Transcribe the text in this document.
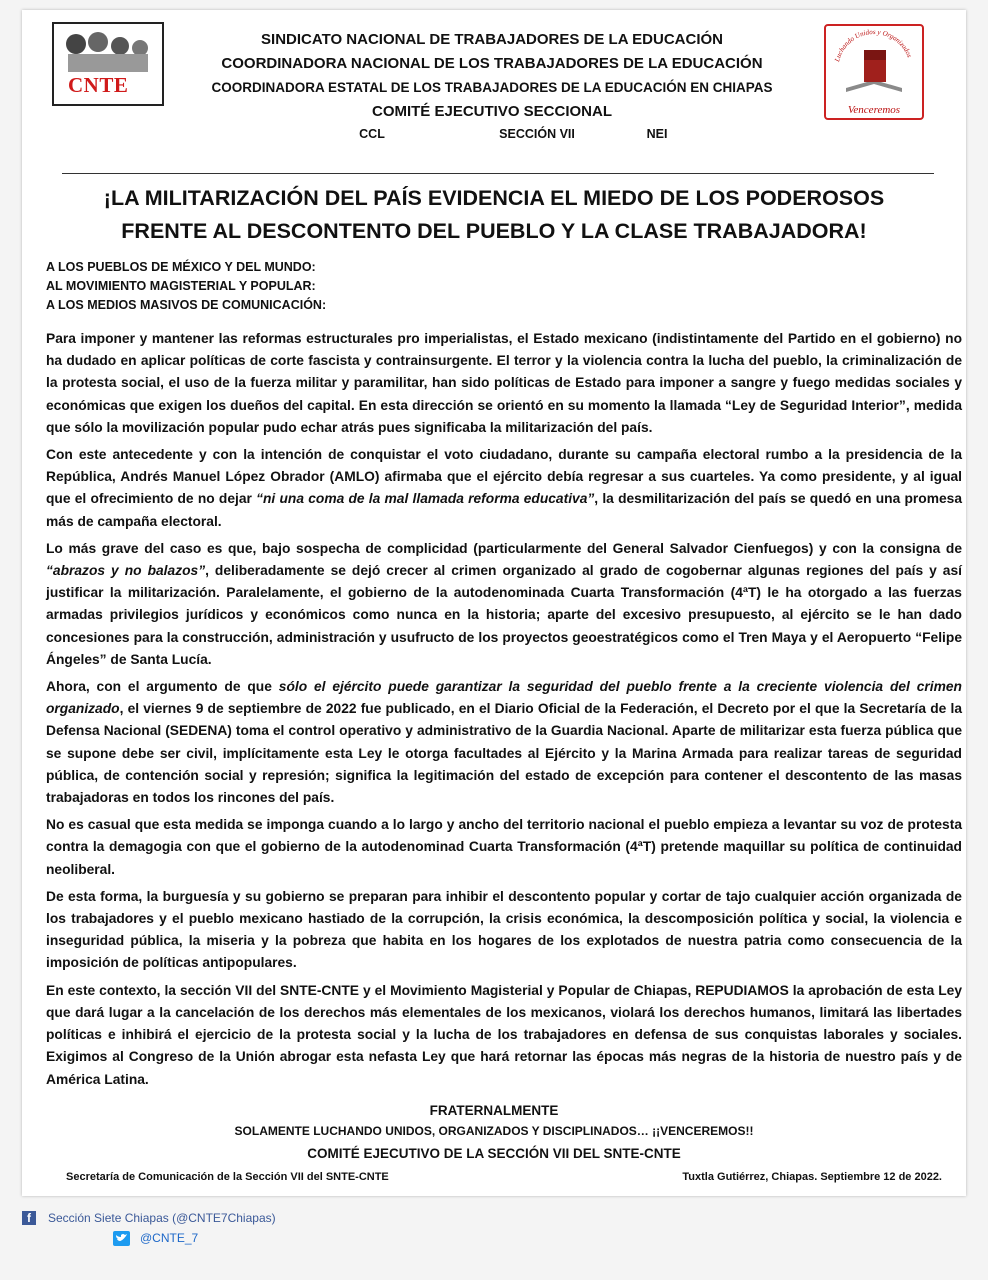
CNTE
SINDICATO NACIONAL DE TRABAJADORES DE LA EDUCACIÓN
COORDINADORA NACIONAL DE LOS TRABAJADORES DE LA EDUCACIÓN
COORDINADORA ESTATAL DE LOS TRABAJADORES DE LA EDUCACIÓN EN CHIAPAS
COMITÉ EJECUTIVO SECCIONAL
CCL	SECCIÓN VII	NEI
Luchando Unidos y Organizados
Venceremos
¡LA MILITARIZACIÓN DEL PAÍS EVIDENCIA EL MIEDO DE LOS PODEROSOS
FRENTE AL DESCONTENTO DEL PUEBLO Y LA CLASE TRABAJADORA!
A LOS PUEBLOS DE MÉXICO Y DEL MUNDO:
AL MOVIMIENTO MAGISTERIAL Y POPULAR:
A LOS MEDIOS MASIVOS DE COMUNICACIÓN:

Para imponer y mantener las reformas estructurales pro imperialistas, el Estado mexicano (indistintamente del Partido en el gobierno) no ha dudado en aplicar políticas de corte fascista y contrainsurgente. El terror y la violencia contra la lucha del pueblo, la criminalización de la protesta social, el uso de la fuerza militar y paramilitar, han sido políticas de Estado para imponer a sangre y fuego medidas sociales y económicas que exigen los dueños del capital. En esta dirección se orientó en su momento la llamada “Ley de Seguridad Interior”, medida que sólo la movilización popular pudo echar atrás pues significaba la militarización del país.

Con este antecedente y con la intención de conquistar el voto ciudadano, durante su campaña electoral rumbo a la presidencia de la República, Andrés Manuel López Obrador (AMLO) afirmaba que el ejército debía regresar a sus cuarteles. Ya como presidente, y al igual que el ofrecimiento de no dejar “ni una coma de la mal llamada reforma educativa”, la desmilitarización del país se quedó en una promesa más de campaña electoral.

Lo más grave del caso es que, bajo sospecha de complicidad (particularmente del General Salvador Cienfuegos) y con la consigna de “abrazos y no balazos”, deliberadamente se dejó crecer al crimen organizado al grado de cogobernar algunas regiones del país y así justificar la militarización. Paralelamente, el gobierno de la autodenominada Cuarta Transformación (4ªT) le ha otorgado a las fuerzas armadas privilegios jurídicos y económicos como nunca en la historia; aparte del excesivo presupuesto, al ejército se le han dado concesiones para la construcción, administración y usufructo de los proyectos geoestratégicos como el Tren Maya y el Aeropuerto “Felipe Ángeles” de Santa Lucía.

Ahora, con el argumento de que sólo el ejército puede garantizar la seguridad del pueblo frente a la creciente violencia del crimen organizado, el viernes 9 de septiembre de 2022 fue publicado, en el Diario Oficial de la Federación, el Decreto por el que la Secretaría de la Defensa Nacional (SEDENA) toma el control operativo y administrativo de la Guardia Nacional. Aparte de militarizar esta fuerza pública que se supone debe ser civil, implícitamente esta Ley le otorga facultades al Ejército y la Marina Armada para realizar tareas de seguridad pública, de contención social y represión; significa la legitimación del estado de excepción para contener el descontento de las masas trabajadoras en todos los rincones del país.

No es casual que esta medida se imponga cuando a lo largo y ancho del territorio nacional el pueblo empieza a levantar su voz de protesta contra la demagogia con que el gobierno de la autodenominad Cuarta Transformación (4ªT) pretende maquillar su política de continuidad neoliberal.

De esta forma, la burguesía y su gobierno se preparan para inhibir el descontento popular y cortar de tajo cualquier acción organizada de los trabajadores y el pueblo mexicano hastiado de la corrupción, la crisis económica, la descomposición política y social, la violencia e inseguridad pública, la miseria y la pobreza que habita en los hogares de los explotados de nuestra patria como consecuencia de la imposición de políticas antipopulares.

En este contexto, la sección VII del SNTE-CNTE y el Movimiento Magisterial y Popular de Chiapas, REPUDIAMOS la aprobación de esta Ley que dará lugar a la cancelación de los derechos más elementales de los mexicanos, violará los derechos humanos, limitará las libertades políticas e inhibirá el ejercicio de la protesta social y la lucha de los trabajadores en defensa de sus conquistas laborales y sociales. Exigimos al Congreso de la Unión abrogar esta nefasta Ley que hará retornar las épocas más negras de la historia de nuestro país y de América Latina.

FRATERNALMENTE
SOLAMENTE LUCHANDO UNIDOS, ORGANIZADOS Y DISCIPLINADOS… ¡¡VENCEREMOS!!
COMITÉ EJECUTIVO DE LA SECCIÓN VII DEL SNTE-CNTE
Secretaría de Comunicación de la Sección VII del SNTE-CNTE	Tuxtla Gutiérrez, Chiapas. Septiembre 12 de 2022.
f	Sección Siete Chiapas (@CNTE7Chiapas)
@CNTE_7
